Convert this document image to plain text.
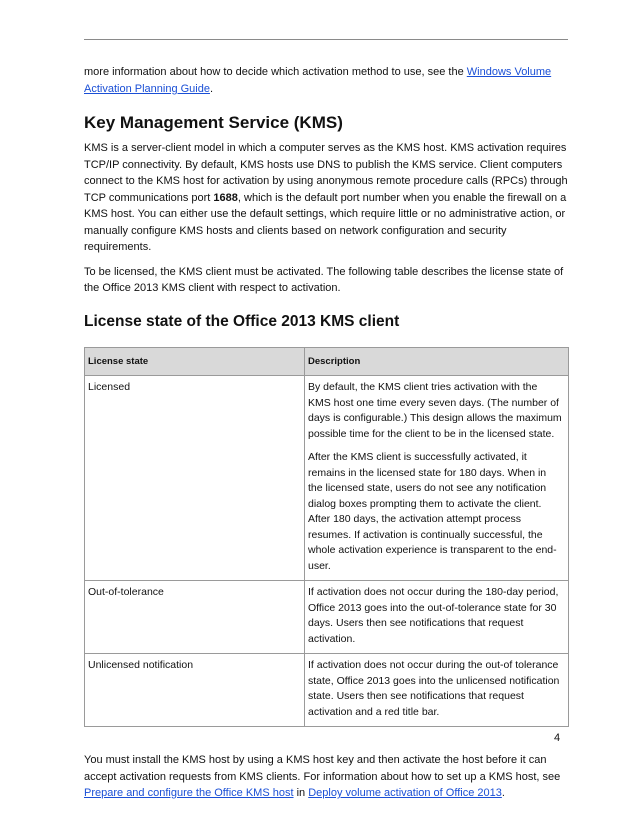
more information about how to decide which activation method to use, see the Windows Volume Activation Planning Guide.

Key Management Service (KMS)

KMS is a server-client model in which a computer serves as the KMS host. KMS activation requires TCP/IP connectivity. By default, KMS hosts use DNS to publish the KMS service. Client computers connect to the KMS host for activation by using anonymous remote procedure calls (RPCs) through TCP communications port 1688, which is the default port number when you enable the firewall on a KMS host. You can either use the default settings, which require little or no administrative action, or manually configure KMS hosts and clients based on network configuration and security requirements.

To be licensed, the KMS client must be activated. The following table describes the license state of the Office 2013 KMS client with respect to activation.

License state of the Office 2013 KMS client
License state	Description
Licensed	By default, the KMS client tries activation with the KMS host one time every seven days. (The number of days is configurable.) This design allows the maximum possible time for the client to be in the licensed state.
After the KMS client is successfully activated, it remains in the licensed state for 180 days. When in the licensed state, users do not see any notification dialog boxes prompting them to activate the client. After 180 days, the activation attempt process resumes. If activation is continually successful, the whole activation experience is transparent to the end-user.

Out-of-tolerance	If activation does not occur during the 180-day period, Office 2013 goes into the out-of-tolerance state for 30 days. Users then see notifications that request activation.

Unlicensed notification	If activation does not occur during the out-of tolerance state, Office 2013 goes into the unlicensed notification state. Users then see notifications that request activation and a red title bar.

You must install the KMS host by using a KMS host key and then activate the host before it can accept activation requests from KMS clients. For information about how to set up a KMS host, see Prepare and configure the Office KMS host in Deploy volume activation of Office 2013.

4
